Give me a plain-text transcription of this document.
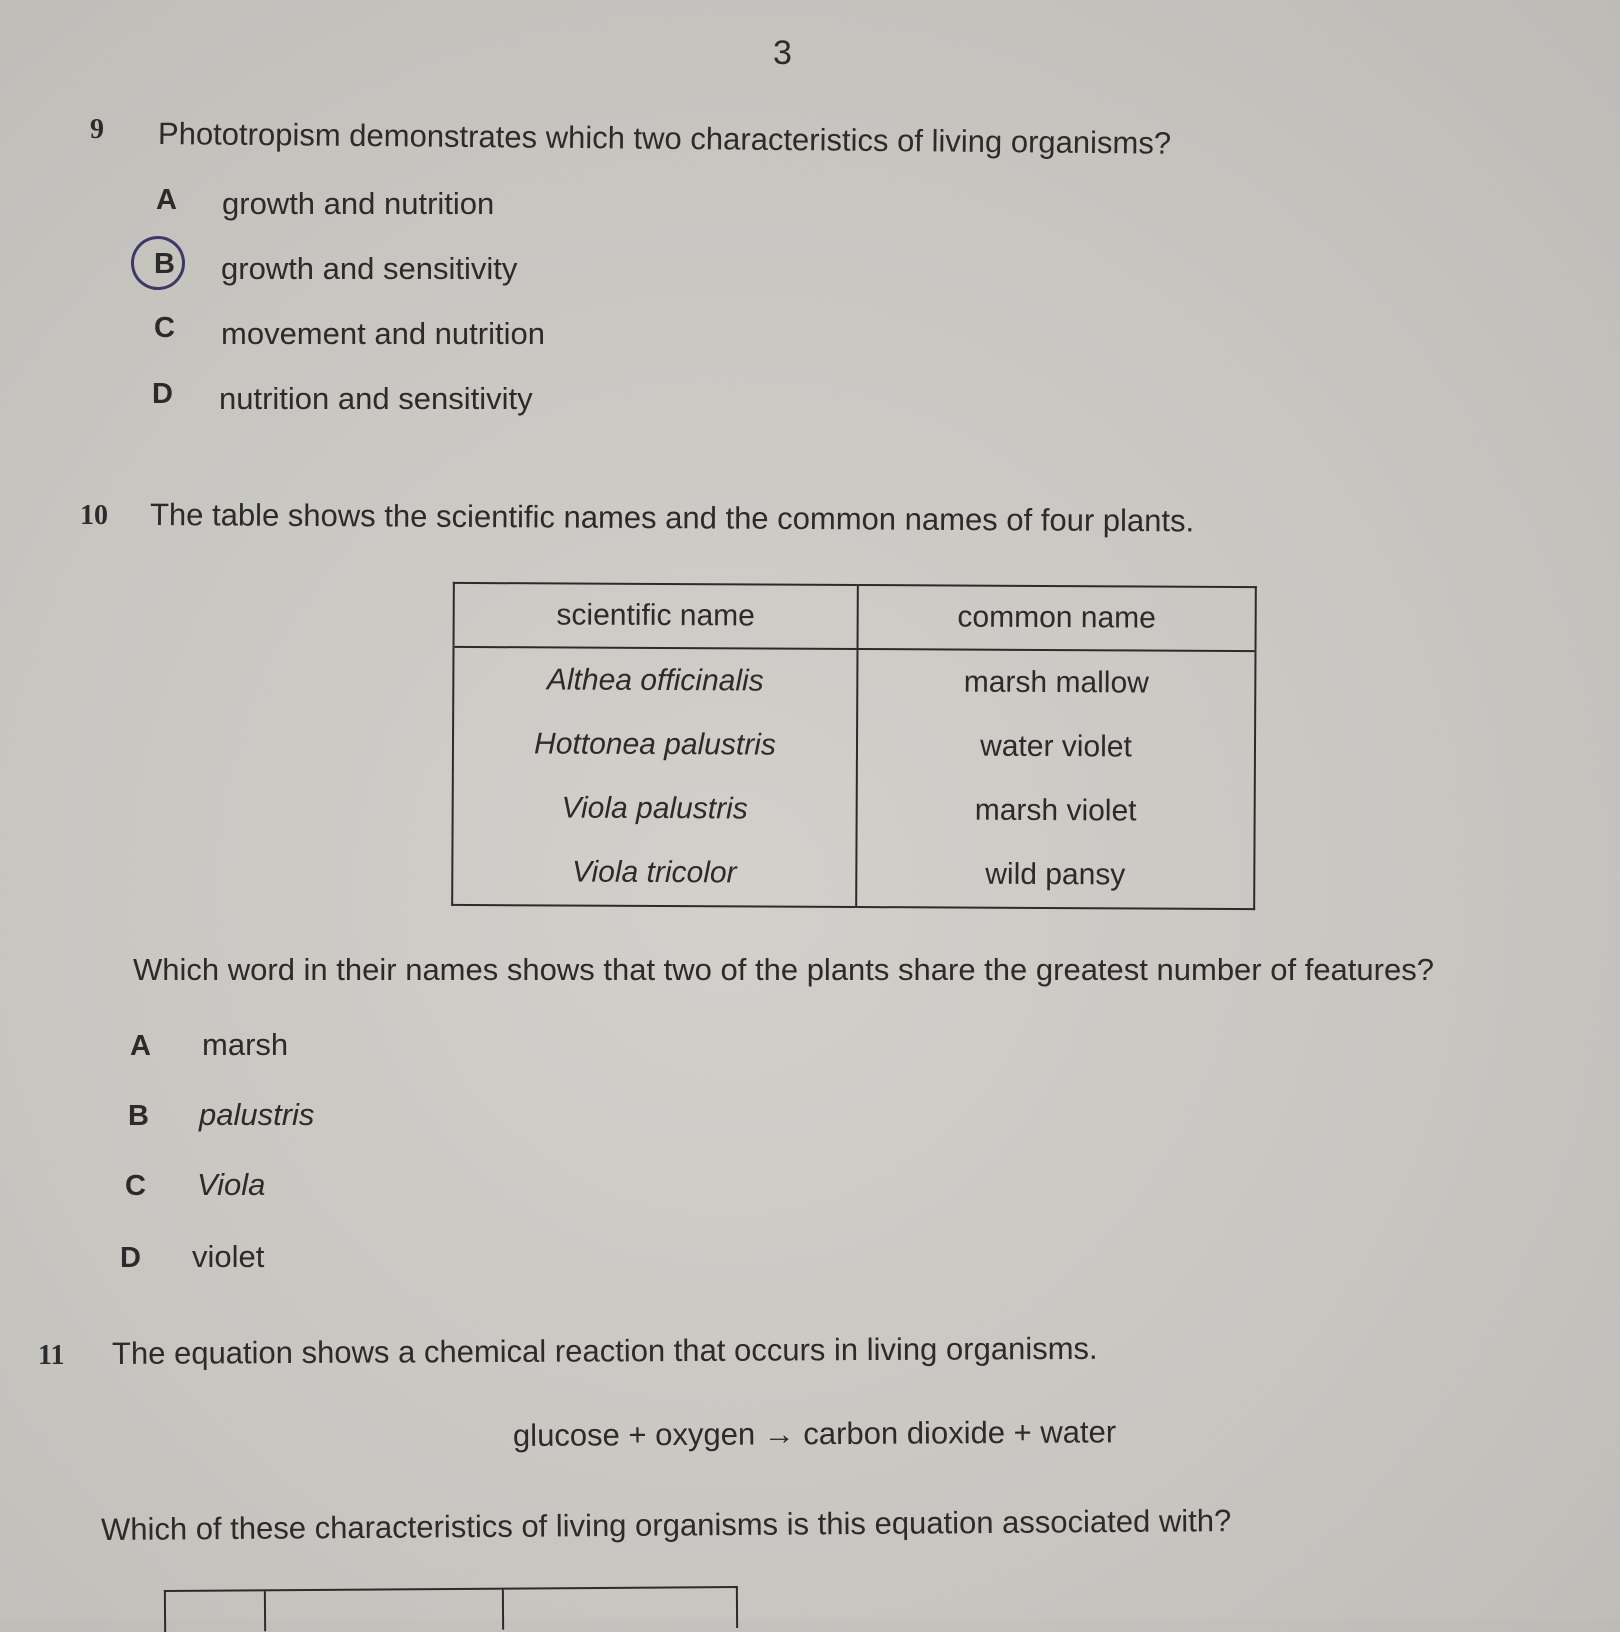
3
9 Phototropism demonstrates which two characteristics of living organisms?
A growth and nutrition
B growth and sensitivity
C movement and nutrition
D nutrition and sensitivity
10 The table shows the scientific names and the common names of four plants.
scientific name	common name
Althea officinalis	marsh mallow
Hottonea palustris	water violet
Viola palustris	marsh violet
Viola tricolor	wild pansy
Which word in their names shows that two of the plants share the greatest number of features?
A marsh
B palustris
C Viola
D violet
11 The equation shows a chemical reaction that occurs in living organisms.
glucose + oxygen → carbon dioxide + water
Which of these characteristics of living organisms is this equation associated with?
